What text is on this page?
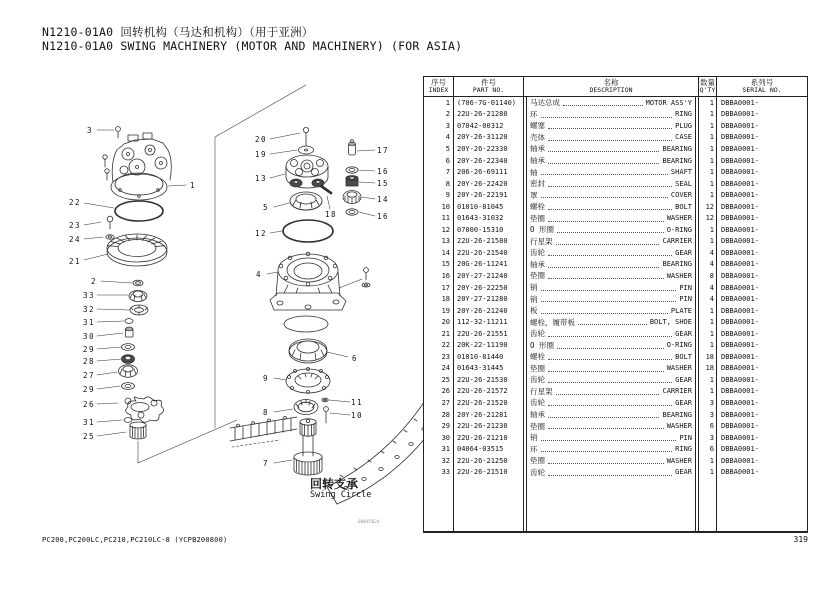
N1210-01A0 回转机构（马达和机构）（用于亚洲）
N1210-01A0 SWING MACHINERY (MOTOR AND MACHINERY) (FOR ASIA)
回转支承
Swing Circle
00045824
3
1
22
23
24
21
2
33
32
31
30
29
28
27
29
26
31
25
20
19
13
5
12
18
17
16
15
14
16
4
6
9
11
10
8
7
序号
INDEX
件号
PART NO.
名称
DESCRIPTION
数量
Q'TY
系列号
SERIAL NO.
1	(706-7G-01140)	马达总成	MOTOR ASS'Y	1	DBBA0001-
2	22U-26-21280	环	RING	1	DBBA0001-
3	07042-00312	螺塞	PLUG	1	DBBA0001-
4	20Y-26-31120	壳体	CASE	1	DBBA0001-
5	20Y-26-22330	轴承	BEARING	1	DBBA0001-
6	20Y-26-22340	轴承	BEARING	1	DBBA0001-
7	206-26-69111	轴	SHAFT	1	DBBA0001-
8	20Y-26-22420	密封	SEAL	1	DBBA0001-
9	20Y-26-22191	罩	COVER	1	DBBA0001-
10	01010-81045	螺栓	BOLT	12	DBBA0001-
11	01643-31032	垫圈	WASHER	12	DBBA0001-
12	07000-15310	O 形圈	O-RING	1	DBBA0001-
13	22U-26-21580	行星架	CARRIER	1	DBBA0001-
14	22U-26-21540	齿轮	GEAR	4	DBBA0001-
15	20G-26-11241	轴承	BEARING	4	DBBA0001-
16	20Y-27-21240	垫圈	WASHER	8	DBBA0001-
17	20Y-26-22250	销	PIN	4	DBBA0001-
18	20Y-27-21280	销	PIN	4	DBBA0001-
19	20Y-26-21240	板	PLATE	1	DBBA0001-
20	112-32-11211	螺栓，履带板	BOLT, SHOE	1	DBBA0001-
21	22U-26-21551	齿轮	GEAR	1	DBBA0001-
22	20K-22-11190	O 形圈	O-RING	1	DBBA0001-
23	01010-81440	螺栓	BOLT	18	DBBA0001-
24	01643-31445	垫圈	WASHER	18	DBBA0001-
25	22U-26-21530	齿轮	GEAR	1	DBBA0001-
26	22U-26-21572	行星架	CARRIER	1	DBBA0001-
27	22U-26-21520	齿轮	GEAR	3	DBBA0001-
28	20Y-26-21281	轴承	BEARING	3	DBBA0001-
29	22U-26-21230	垫圈	WASHER	6	DBBA0001-
30	22U-26-21210	销	PIN	3	DBBA0001-
31	04064-03515	环	RING	6	DBBA0001-
32	22U-26-21250	垫圈	WASHER	1	DBBA0001-
33	22U-26-21510	齿轮	GEAR	1	DBBA0001-
PC200,PC200LC,PC210,PC210LC-8 (YCPB200800)	319
